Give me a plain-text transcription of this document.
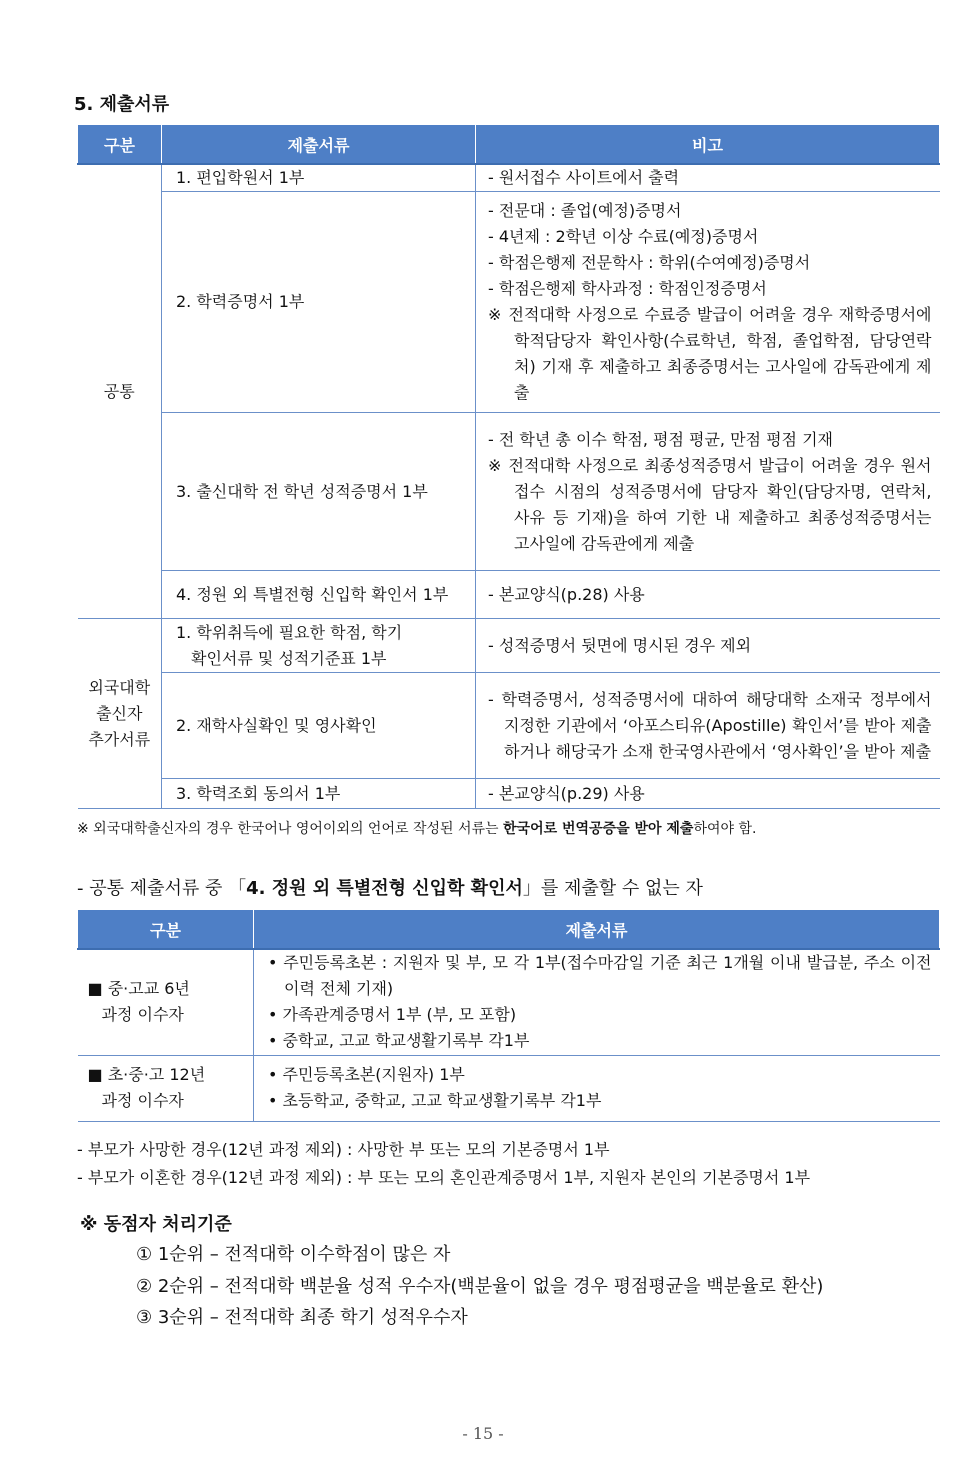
5. 제출서류
구분	제출서류	비고
공통	1. 편입학원서 1부	- 원서접수 사이트에서 출력

	2. 학력증명서 1부	- 전문대 : 졸업(예정)증명서
- 4년제 : 2학년 이상 수료(예정)증명서
- 학점은행제 전문학사 : 학위(수여예정)증명서
- 학점은행제 학사과정 : 학점인정증명서
※ 전적대학 사정으로 수료증 발급이 어려울 경우 재학증명서에 학적담당자 확인사항(수료학년, 학점, 졸업학점, 담당연락처) 기재 후 제출하고 최종증명서는 고사일에 감독관에게 제출

	3. 출신대학 전 학년 성적증명서 1부	- 전 학년 총 이수 학점, 평점 평균, 만점 평점 기재
※ 전적대학 사정으로 최종성적증명서 발급이 어려울 경우 원서접수 시점의 성적증명서에 담당자 확인(담당자명, 연락처, 사유 등 기재)을 하여 기한 내 제출하고 최종성적증명서는 고사일에 감독관에게 제출

	4. 정원 외 특별전형 신입학 확인서 1부	- 본교양식(p.28) 사용

외국대학
출신자
추가서류	1. 학위취득에 필요한 학점, 학기
확인서류 및 성적기준표 1부	- 성적증명서 뒷면에 명시된 경우 제외

	2. 재학사실확인 및 영사확인	- 학력증명서, 성적증명서에 대하여 해당대학 소재국 정부에서 지정한 기관에서 ‘아포스티유(Apostille) 확인서’를 받아 제출하거나 해당국가 소재 한국영사관에서 ‘영사확인’을 받아 제출

	3. 학력조회 동의서 1부	- 본교양식(p.29) 사용
※ 외국대학출신자의 경우 한국어나 영어이외의 언어로 작성된 서류는 한국어로 번역공증을 받아 제출하여야 함.
- 공통 제출서류 중 「4. 정원 외 특별전형 신입학 확인서」를 제출할 수 없는 자
구분	제출서류

■ 중·고교 6년
과정 이수자	• 주민등록초본 : 지원자 및 부, 모 각 1부(접수마감일 기준 최근 1개월 이내 발급분, 주소 이전 이력 전체 기재)
• 가족관계증명서 1부 (부, 모 포함)
• 중학교, 고교 학교생활기록부 각1부

■ 초·중·고 12년
과정 이수자	• 주민등록초본(지원자) 1부
• 초등학교, 중학교, 고교 학교생활기록부 각1부
- 부모가 사망한 경우(12년 과정 제외) : 사망한 부 또는 모의 기본증명서 1부
- 부모가 이혼한 경우(12년 과정 제외) : 부 또는 모의 혼인관계증명서 1부, 지원자 본인의 기본증명서 1부
※ 동점자 처리기준
① 1순위 – 전적대학 이수학점이 많은 자
② 2순위 – 전적대학 백분율 성적 우수자(백분율이 없을 경우 평점평균을 백분율로 환산)
③ 3순위 – 전적대학 최종 학기 성적우수자
- 15 -
